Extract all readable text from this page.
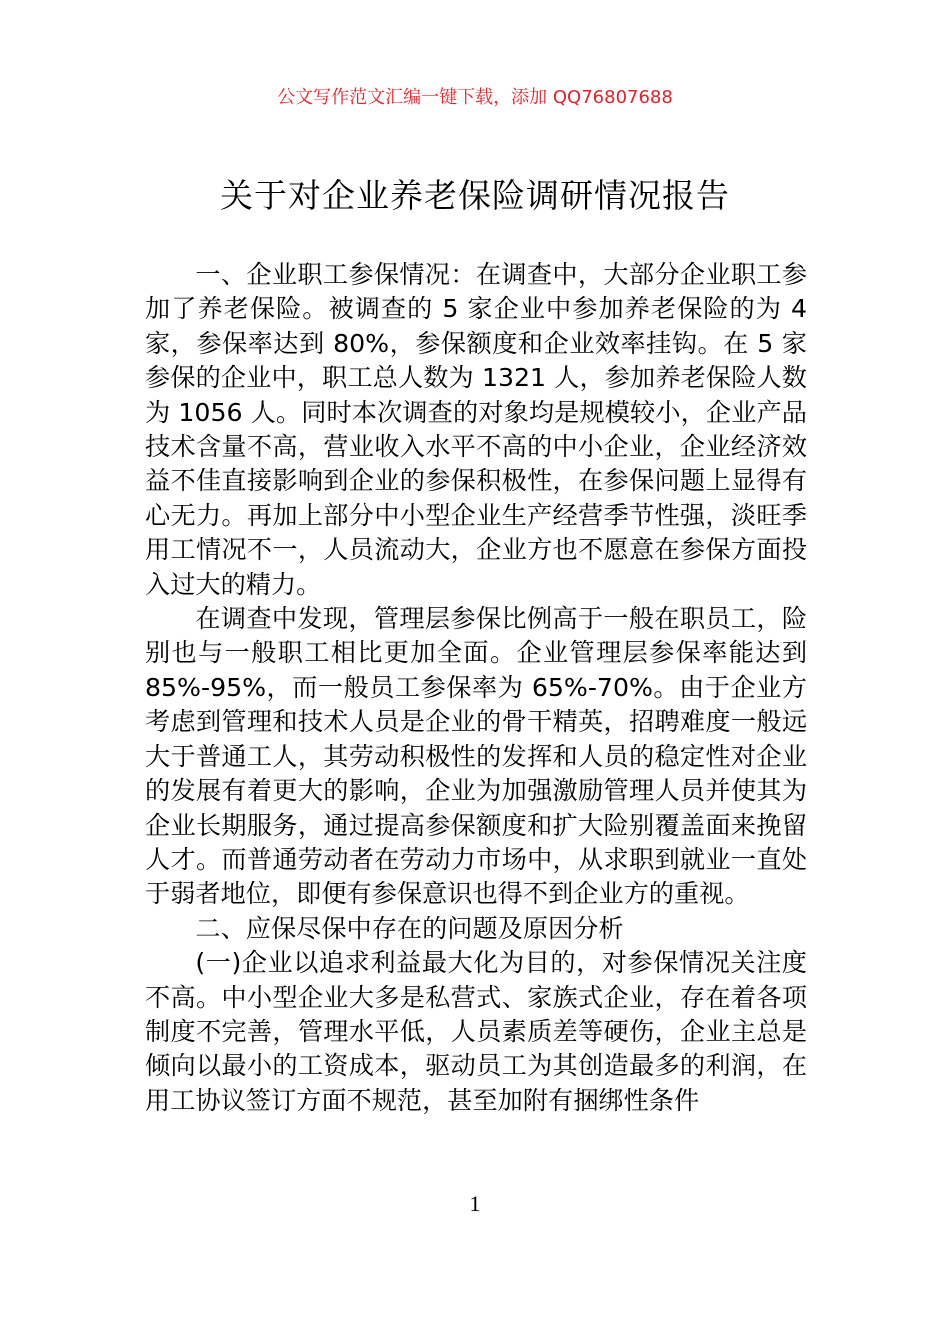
公文写作范文汇编一键下载，添加 QQ76807688
关于对企业养老保险调研情况报告

一、企业职工参保情况：在调查中，大部分企业职工参加了养老保险。被调查的 5 家企业中参加养老保险的为 4 家，参保率达到 80%，参保额度和企业效率挂钩。在 5 家参保的企业中，职工总人数为 1321 人，参加养老保险人数为 1056 人。同时本次调查的对象均是规模较小，企业产品技术含量不高，营业收入水平不高的中小企业，企业经济效益不佳直接影响到企业的参保积极性，在参保问题上显得有心无力。再加上部分中小型企业生产经营季节性强，淡旺季用工情况不一，人员流动大，企业方也不愿意在参保方面投入过大的精力。

在调查中发现，管理层参保比例高于一般在职员工，险别也与一般职工相比更加全面。企业管理层参保率能达到 85%-95%，而一般员工参保率为 65%-70%。由于企业方考虑到管理和技术人员是企业的骨干精英，招聘难度一般远大于普通工人，其劳动积极性的发挥和人员的稳定性对企业的发展有着更大的影响，企业为加强激励管理人员并使其为企业长期服务，通过提高参保额度和扩大险别覆盖面来挽留人才。而普通劳动者在劳动力市场中，从求职到就业一直处于弱者地位，即便有参保意识也得不到企业方的重视。

二、应保尽保中存在的问题及原因分析

(一)企业以追求利益最大化为目的，对参保情况关注度不高。中小型企业大多是私营式、家族式企业，存在着各项制度不完善，管理水平低，人员素质差等硬伤，企业主总是倾向以最小的工资成本，驱动员工为其创造最多的利润，在用工协议签订方面不规范，甚至加附有捆绑性条件

1
